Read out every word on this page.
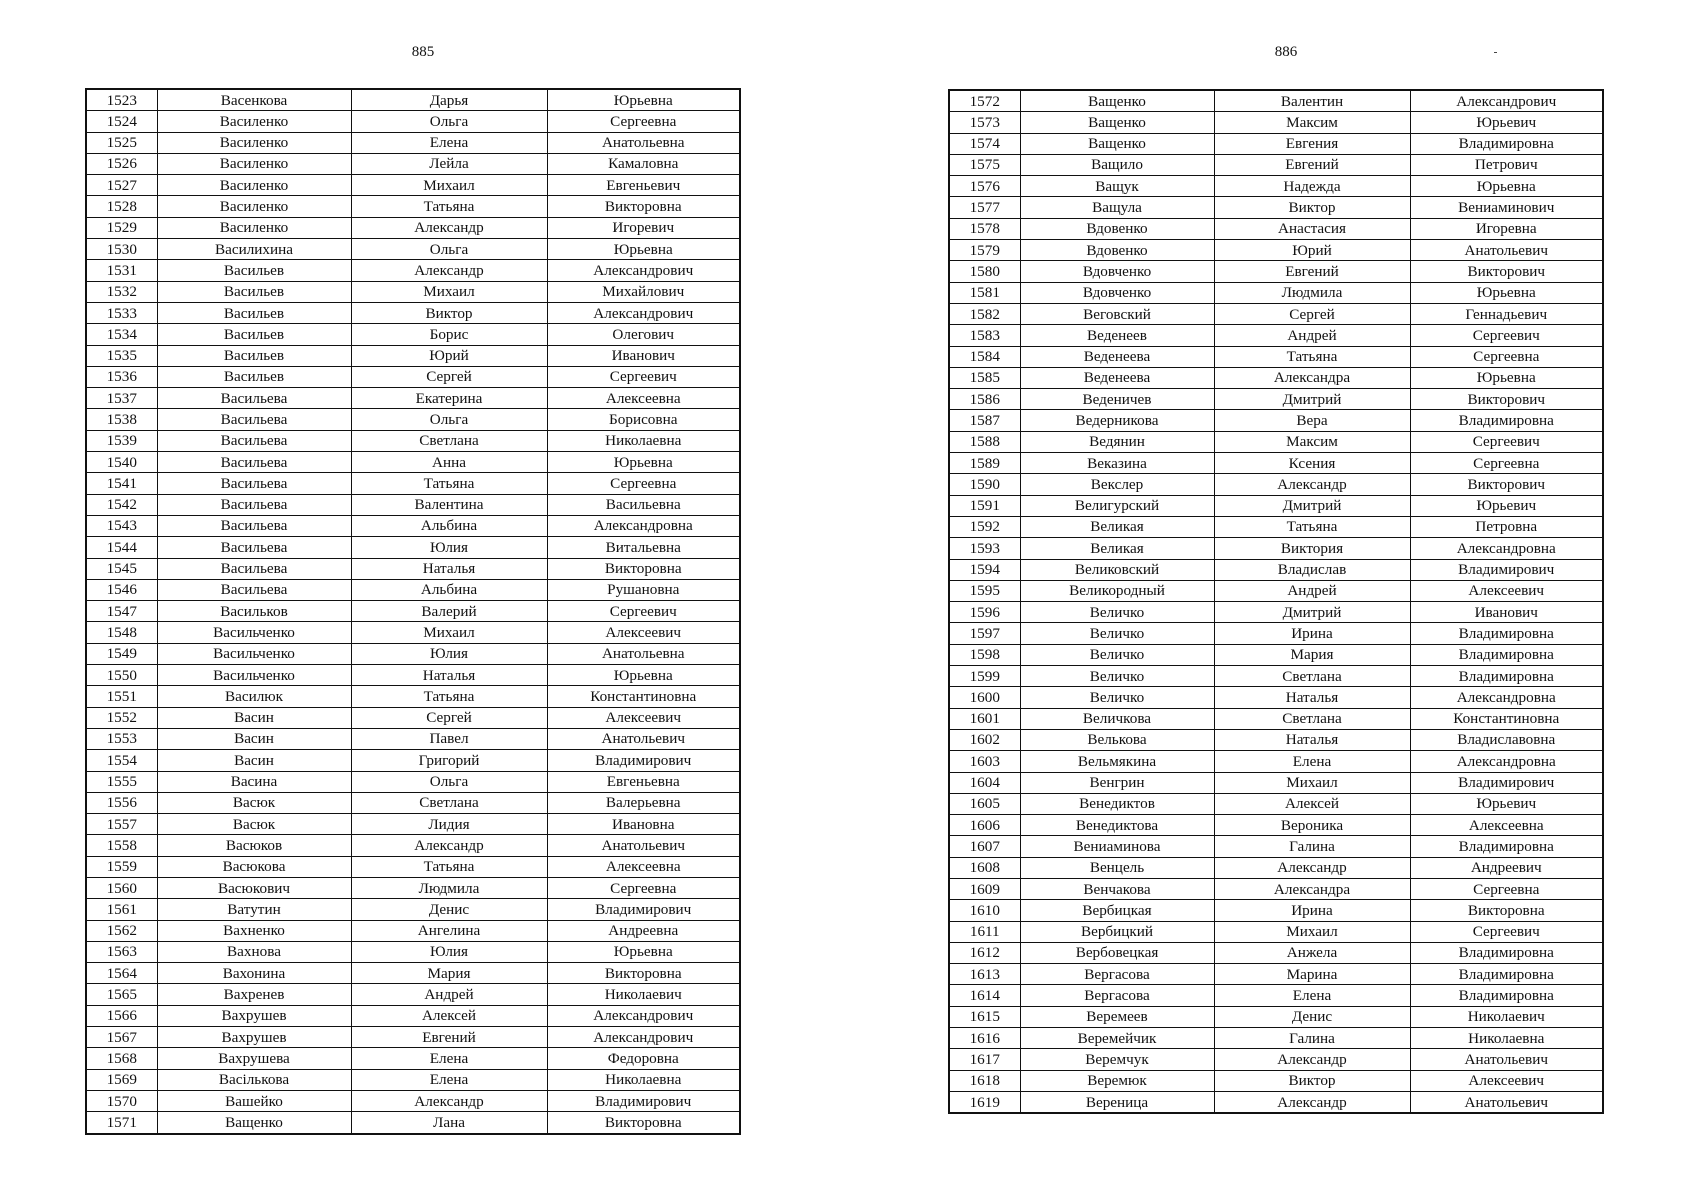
885
1523	Васенкова	Дарья	Юрьевна
1524	Василенко	Ольга	Сергеевна
1525	Василенко	Елена	Анатольевна
1526	Василенко	Лейла	Камаловна
1527	Василенко	Михаил	Евгеньевич
1528	Василенко	Татьяна	Викторовна
1529	Василенко	Александр	Игоревич
1530	Василихина	Ольга	Юрьевна
1531	Васильев	Александр	Александрович
1532	Васильев	Михаил	Михайлович
1533	Васильев	Виктор	Александрович
1534	Васильев	Борис	Олегович
1535	Васильев	Юрий	Иванович
1536	Васильев	Сергей	Сергеевич
1537	Васильева	Екатерина	Алексеевна
1538	Васильева	Ольга	Борисовна
1539	Васильева	Светлана	Николаевна
1540	Васильева	Анна	Юрьевна
1541	Васильева	Татьяна	Сергеевна
1542	Васильева	Валентина	Васильевна
1543	Васильева	Альбина	Александровна
1544	Васильева	Юлия	Витальевна
1545	Васильева	Наталья	Викторовна
1546	Васильева	Альбина	Рушановна
1547	Васильков	Валерий	Сергеевич
1548	Васильченко	Михаил	Алексеевич
1549	Васильченко	Юлия	Анатольевна
1550	Васильченко	Наталья	Юрьевна
1551	Василюк	Татьяна	Константиновна
1552	Васин	Сергей	Алексеевич
1553	Васин	Павел	Анатольевич
1554	Васин	Григорий	Владимирович
1555	Васина	Ольга	Евгеньевна
1556	Васюк	Светлана	Валерьевна
1557	Васюк	Лидия	Ивановна
1558	Васюков	Александр	Анатольевич
1559	Васюкова	Татьяна	Алексеевна
1560	Васюкович	Людмила	Сергеевна
1561	Ватутин	Денис	Владимирович
1562	Вахненко	Ангелина	Андреевна
1563	Вахнова	Юлия	Юрьевна
1564	Вахонина	Мария	Викторовна
1565	Вахренев	Андрей	Николаевич
1566	Вахрушев	Алексей	Александрович
1567	Вахрушев	Евгений	Александрович
1568	Вахрушева	Елена	Федоровна
1569	Васількова	Елена	Николаевна
1570	Вашейко	Александр	Владимирович
1571	Ващенко	Лана	Викторовна
886
1572	Ващенко	Валентин	Александрович
1573	Ващенко	Максим	Юрьевич
1574	Ващенко	Евгения	Владимировна
1575	Ващило	Евгений	Петрович
1576	Ващук	Надежда	Юрьевна
1577	Ващула	Виктор	Вениаминович
1578	Вдовенко	Анастасия	Игоревна
1579	Вдовенко	Юрий	Анатольевич
1580	Вдовченко	Евгений	Викторович
1581	Вдовченко	Людмила	Юрьевна
1582	Веговский	Сергей	Геннадьевич
1583	Веденеев	Андрей	Сергеевич
1584	Веденеева	Татьяна	Сергеевна
1585	Веденеева	Александра	Юрьевна
1586	Веденичев	Дмитрий	Викторович
1587	Ведерникова	Вера	Владимировна
1588	Ведянин	Максим	Сергеевич
1589	Веказина	Ксения	Сергеевна
1590	Векслер	Александр	Викторович
1591	Велигурский	Дмитрий	Юрьевич
1592	Великая	Татьяна	Петровна
1593	Великая	Виктория	Александровна
1594	Великовский	Владислав	Владимирович
1595	Великородный	Андрей	Алексеевич
1596	Величко	Дмитрий	Иванович
1597	Величко	Ирина	Владимировна
1598	Величко	Мария	Владимировна
1599	Величко	Светлана	Владимировна
1600	Величко	Наталья	Александровна
1601	Величкова	Светлана	Константиновна
1602	Велькова	Наталья	Владиславовна
1603	Вельмякина	Елена	Александровна
1604	Венгрин	Михаил	Владимирович
1605	Венедиктов	Алексей	Юрьевич
1606	Венедиктова	Вероника	Алексеевна
1607	Вениаминова	Галина	Владимировна
1608	Венцель	Александр	Андреевич
1609	Венчакова	Александра	Сергеевна
1610	Вербицкая	Ирина	Викторовна
1611	Вербицкий	Михаил	Сергеевич
1612	Вербовецкая	Анжела	Владимировна
1613	Вергасова	Марина	Владимировна
1614	Вергасова	Елена	Владимировна
1615	Веремеев	Денис	Николаевич
1616	Веремейчик	Галина	Николаевна
1617	Веремчук	Александр	Анатольевич
1618	Веремюк	Виктор	Алексеевич
1619	Вереница	Александр	Анатольевич
